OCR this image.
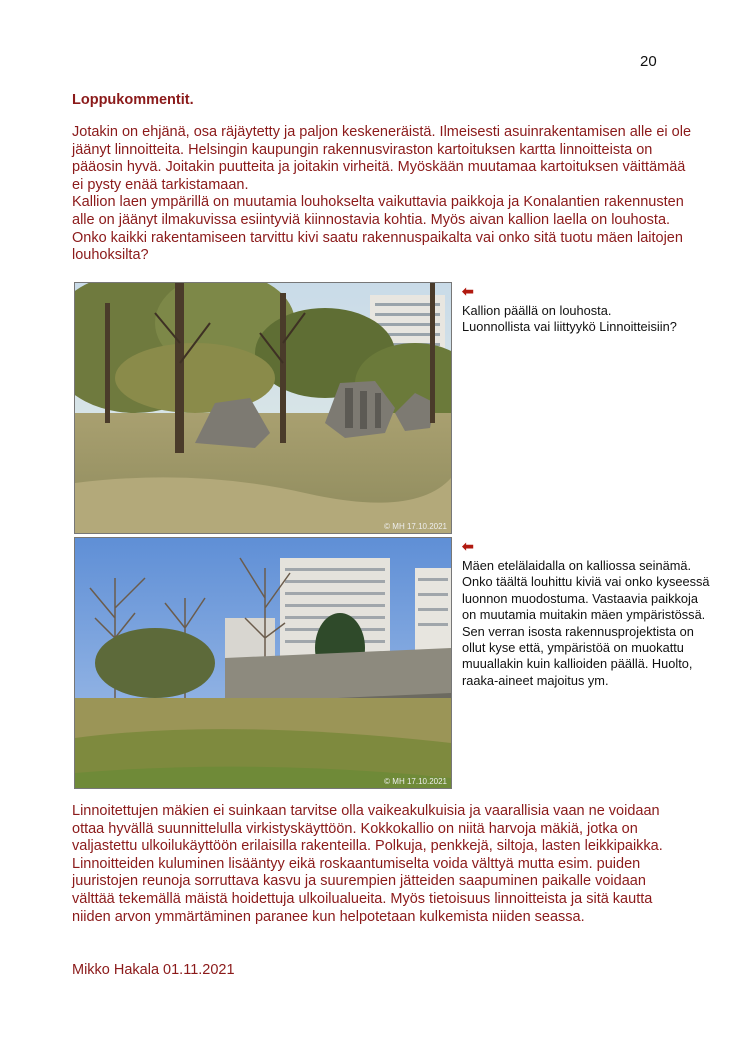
20
Loppukommentit.

Jotakin on ehjänä, osa räjäytetty ja paljon keskeneräistä. Ilmeisesti asuinrakentamisen alle ei ole jäänyt linnoitteita. Helsingin kaupungin rakennusviraston kartoituksen kartta linnoitteista on pääosin hyvä. Joitakin puutteita ja joitakin virheitä. Myöskään muutamaa kartoituksen väittämää ei pysty enää tarkistamaan.
Kallion laen ympärillä on muutamia louhokselta vaikuttavia paikkoja ja Konalantien rakennusten alle on jäänyt ilmakuvissa esiintyviä kiinnostavia kohtia. Myös aivan kallion laella on louhosta. Onko kaikki rakentamiseen tarvittu kivi saatu rakennuspaikalta vai onko sitä tuotu mäen laitojen louhoksilta?

© MH 17.10.2021
⬅
Kallion päällä on louhosta.
Luonnollista vai liittyykö Linnoitteisiin?
© MH 17.10.2021
⬅
Mäen etelälaidalla on kalliossa seinämä. Onko täältä louhittu kiviä vai onko kyseessä luonnon muodostuma. Vastaavia paikkoja on muutamia muitakin mäen ympäristössä.
Sen verran isosta rakennusprojektista on ollut kyse että, ympäristöä on muokattu muuallakin kuin kallioiden päällä. Huolto, raaka-aineet majoitus ym.

Linnoitettujen mäkien ei suinkaan tarvitse olla vaikeakulkuisia ja vaarallisia vaan ne voidaan ottaa hyvällä suunnittelulla virkistyskäyttöön. Kokkokallio on niitä harvoja mäkiä, jotka on valjastettu ulkoilukäyttöön erilaisilla rakenteilla. Polkuja, penkkejä, siltoja, lasten leikkipaikka. Linnoitteiden kuluminen lisääntyy eikä roskaantumiselta voida välttyä mutta esim. puiden juuristojen reunoja sorruttava kasvu ja suurempien jätteiden saapuminen paikalle voidaan välttää tekemällä mäistä hoidettuja ulkoilualueita. Myös tietoisuus linnoitteista ja sitä kautta niiden arvon ymmärtäminen paranee kun helpotetaan kulkemista niiden seassa.

Mikko Hakala 01.11.2021
